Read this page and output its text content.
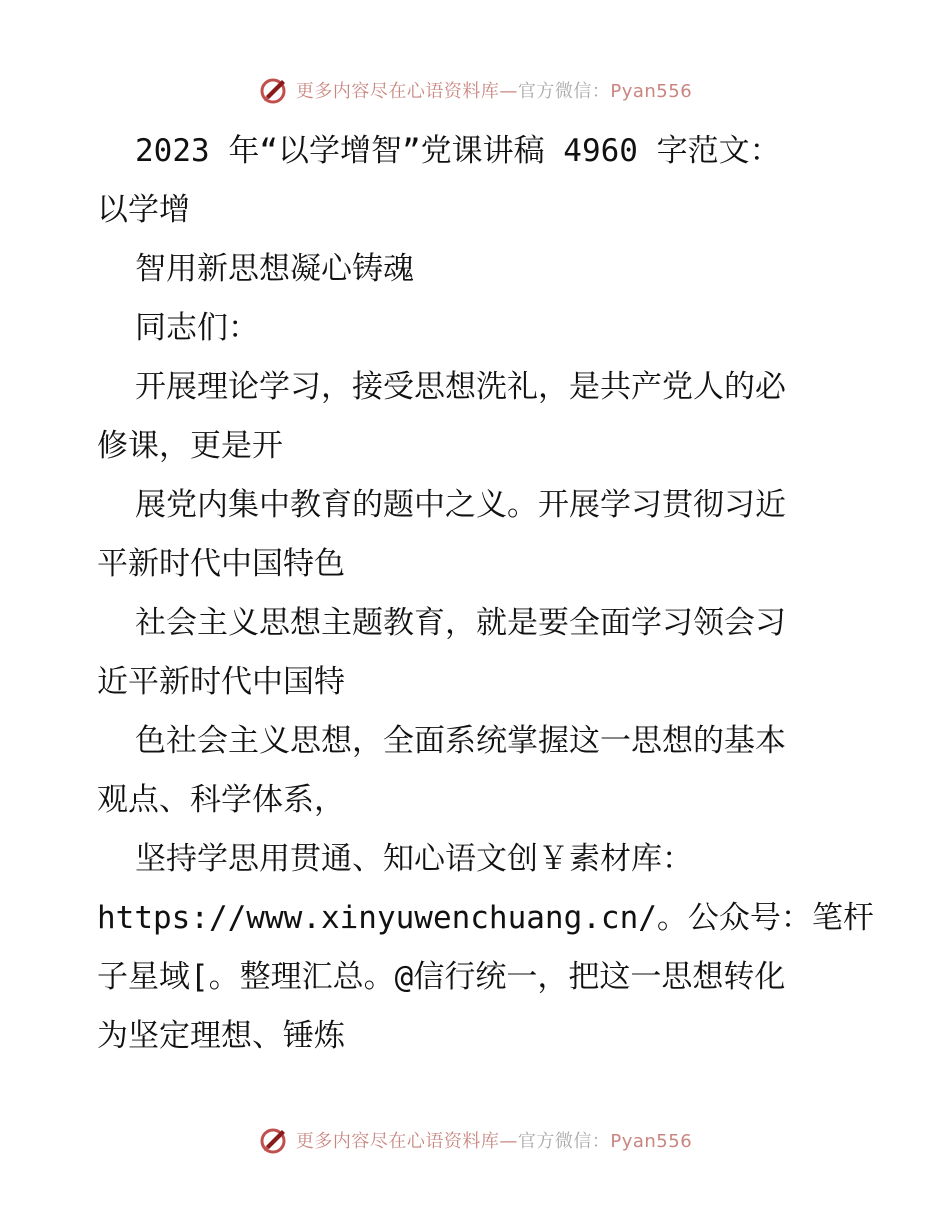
更多内容尽在心语资料库—官方微信：Pyan556
2023 年“以学增智”党课讲稿 4960 字范文：
以学增
智用新思想凝心铸魂
同志们：
开展理论学习，接受思想洗礼，是共产党人的必
修课，更是开
展党内集中教育的题中之义。开展学习贯彻习近
平新时代中国特色
社会主义思想主题教育，就是要全面学习领会习
近平新时代中国特
色社会主义思想，全面系统掌握这一思想的基本
观点、科学体系，
坚持学思用贯通、知心语文创￥素材库：
https://www.xinyuwenchuang.cn/。公众号：笔杆
子星域[。整理汇总。@信行统一，把这一思想转化
为坚定理想、锤炼
更多内容尽在心语资料库—官方微信：Pyan556
